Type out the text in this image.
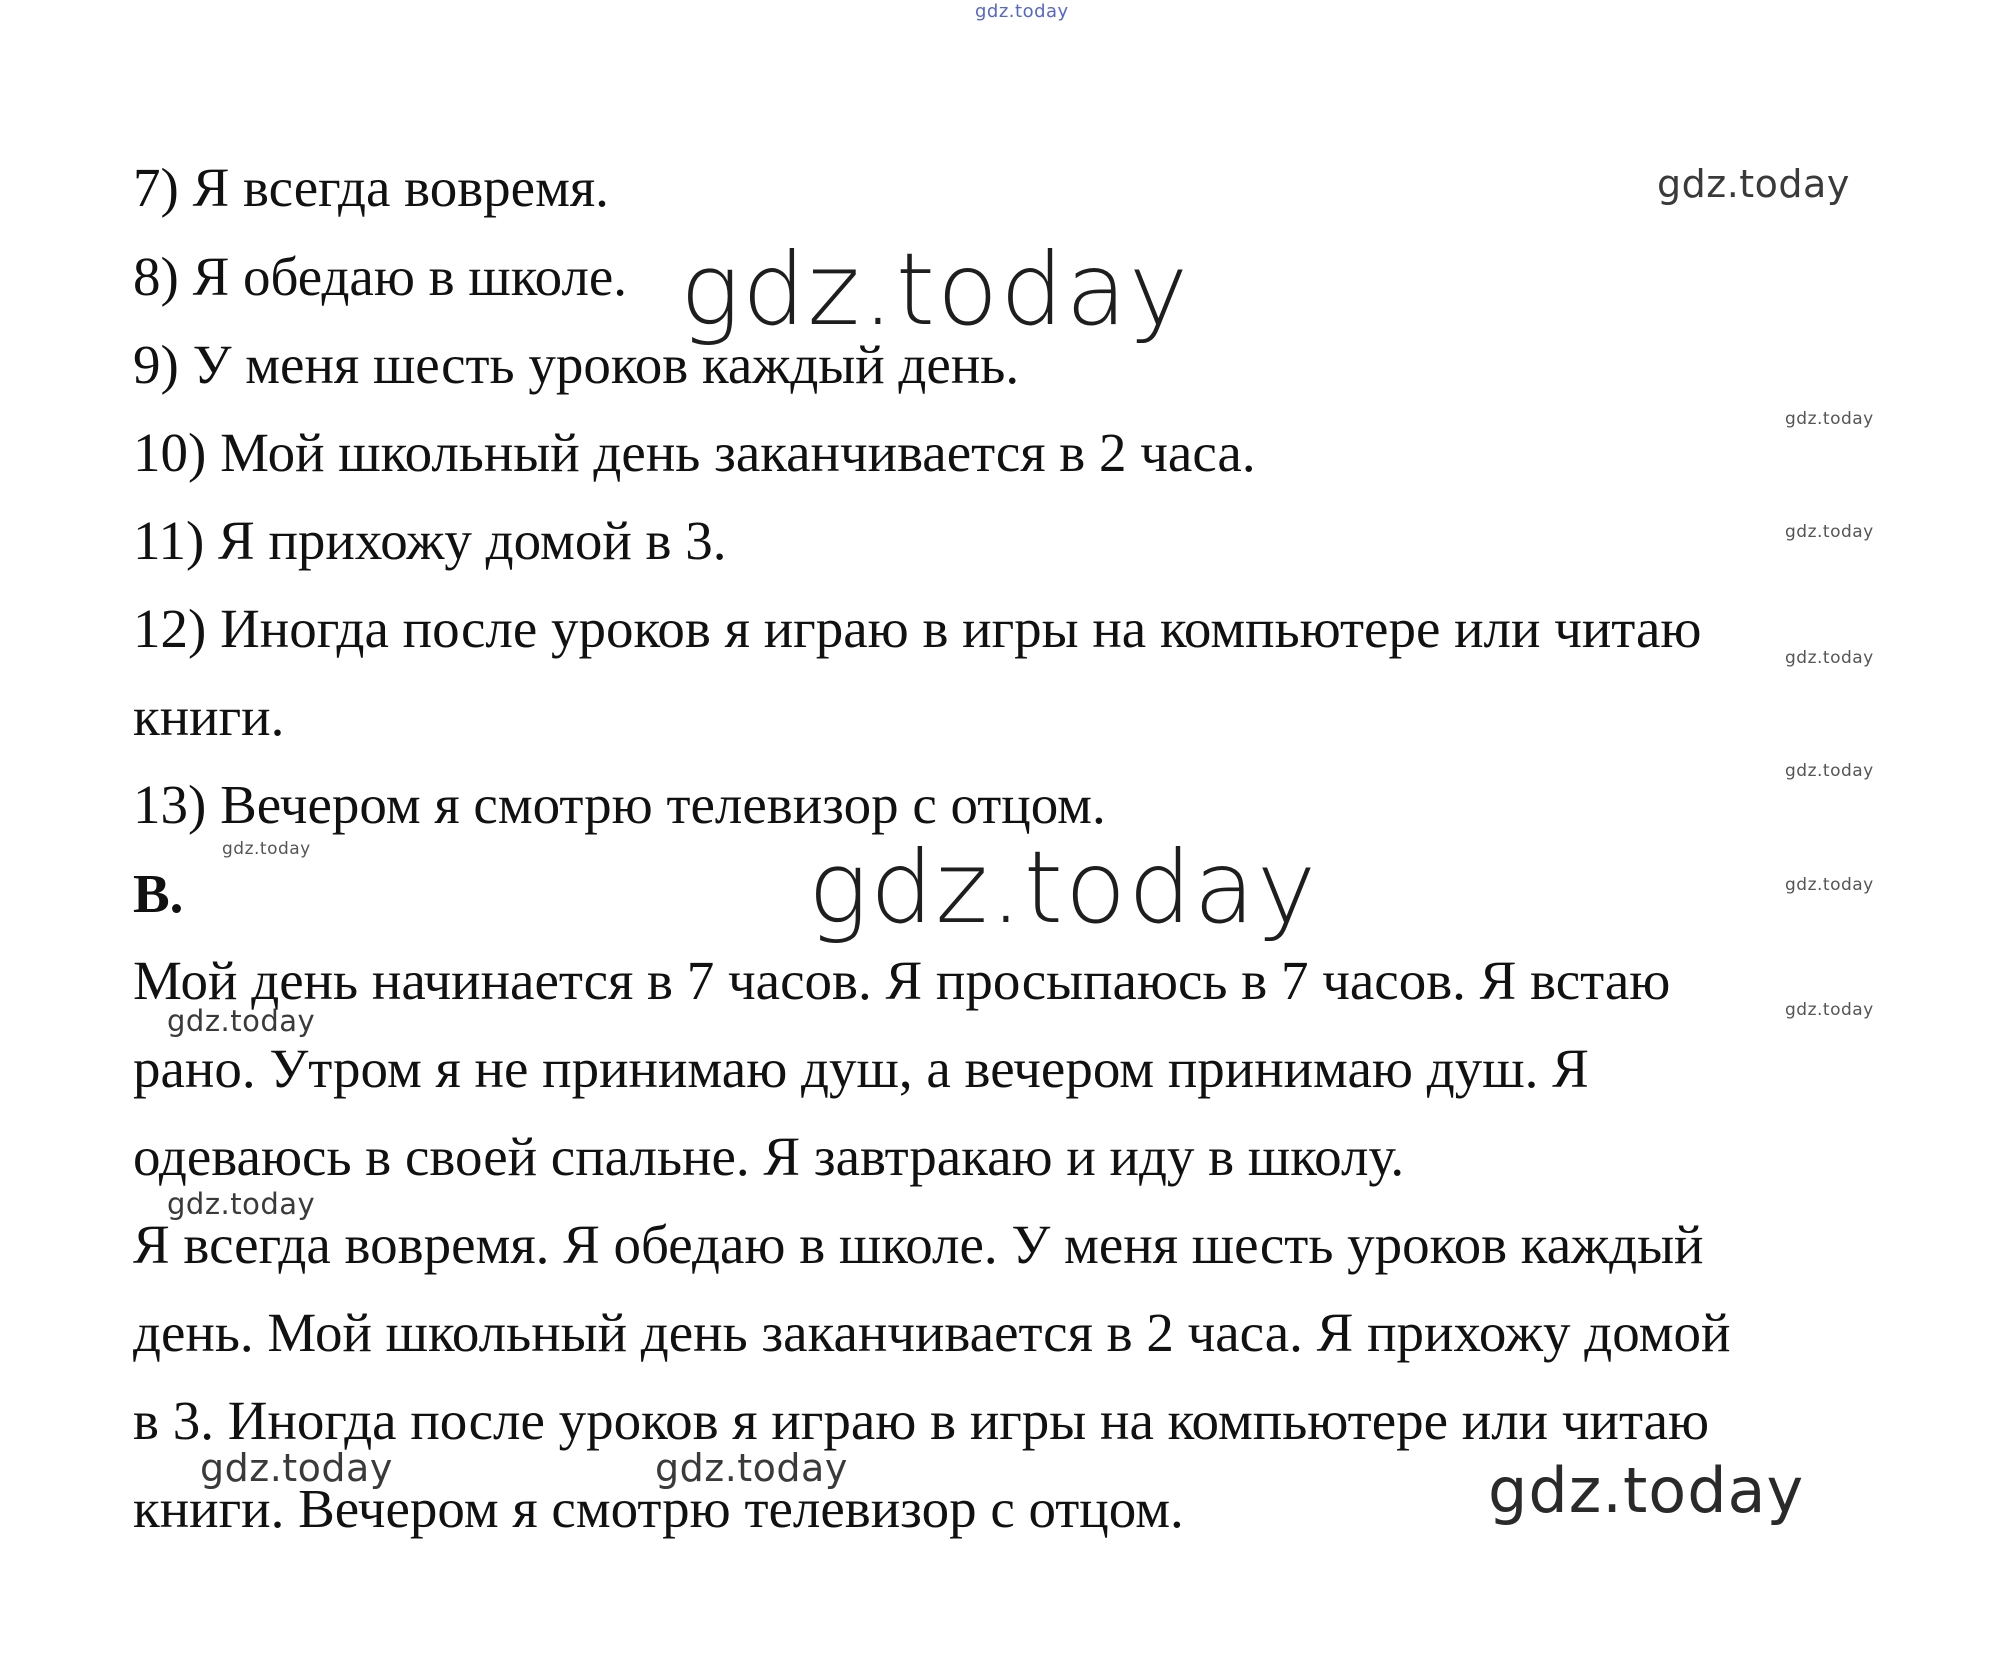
7) Я всегда вовремя.
8) Я обедаю в школе.
9) У меня шесть уроков каждый день.
10) Мой школьный день заканчивается в 2 часа.
11) Я прихожу домой в 3.
12) Иногда после уроков я играю в игры на компьютере или читаю
книги.
13) Вечером я смотрю телевизор с отцом.
B.
Мой день начинается в 7 часов. Я просыпаюсь в 7 часов. Я встаю
рано. Утром я не принимаю душ, а вечером принимаю душ. Я
одеваюсь в своей спальне. Я завтракаю и иду в школу.
Я всегда вовремя. Я обедаю в школе. У меня шесть уроков каждый
день. Мой школьный день заканчивается в 2 часа. Я прихожу домой
в 3. Иногда после уроков я играю в игры на компьютере или читаю
книги. Вечером я смотрю телевизор с отцом.
gdz.today
gdz.today
gdz.today
gdz.today
gdz.today
gdz.today
gdz.today
gdz.today	gdz.today	gdz.today
gdz.today
gdz.today
gdz.today
gdz.today	gdz.today	gdz.today
